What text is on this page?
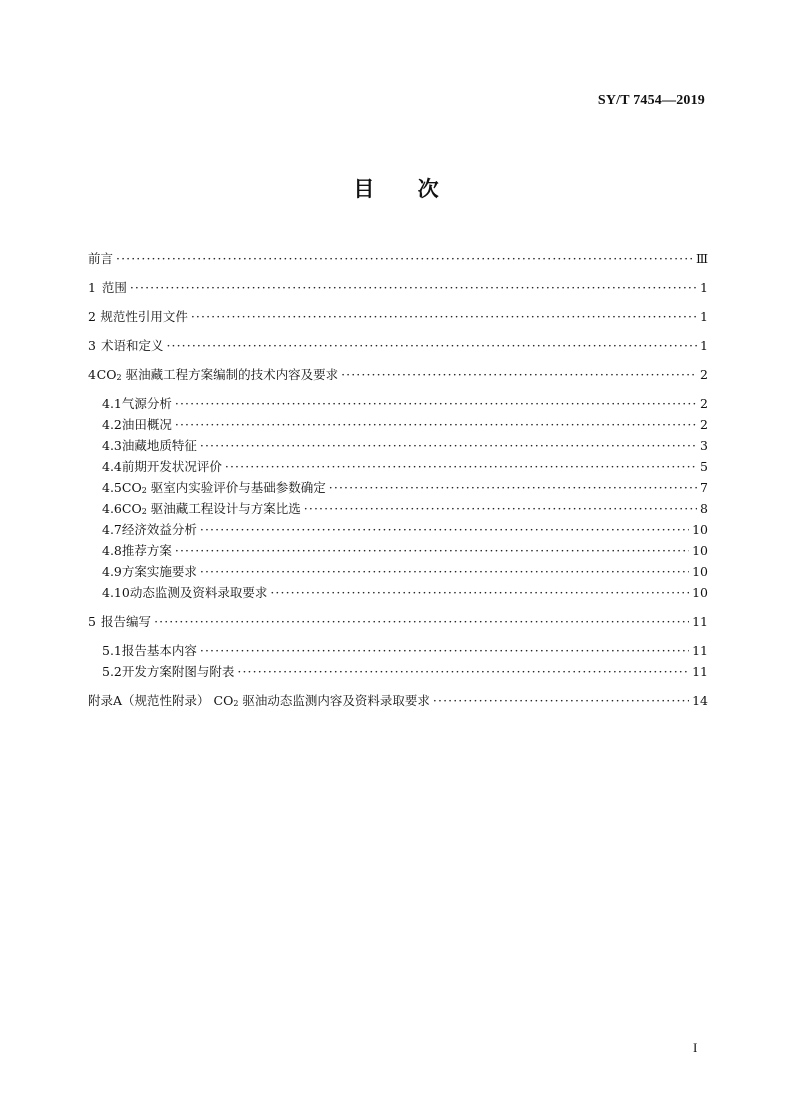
SY/T 7454—2019
目 次
前言 ·····	Ⅲ
1 范围 ·····	1
2 规范性引用文件 ·····	1
3 术语和定义 ·····	1
4 $CO_2$ 驱油藏工程方案编制的技术内容及要求 ·····	2
4.1 气源分析 ·····	2
4.2 油田概况 ·····	2
4.3 油藏地质特征 ·····	3
4.4 前期开发状况评价 ·····	5
4.5 $CO_2$ 驱室内实验评价与基础参数确定 ·····	7
4.6 $CO_2$ 驱油藏工程设计与方案比选 ·····	8
4.7 经济效益分析 ·····	10
4.8 推荐方案 ·····	10
4.9 方案实施要求 ·····	10
4.10 动态监测及资料录取要求 ·····	10
5 报告编写 ·····	11
5.1 报告基本内容 ·····	11
5.2 开发方案附图与附表 ·····	11
附录A（规范性附录） $CO_2$ 驱油动态监测内容及资料录取要求 ·····	14
I
